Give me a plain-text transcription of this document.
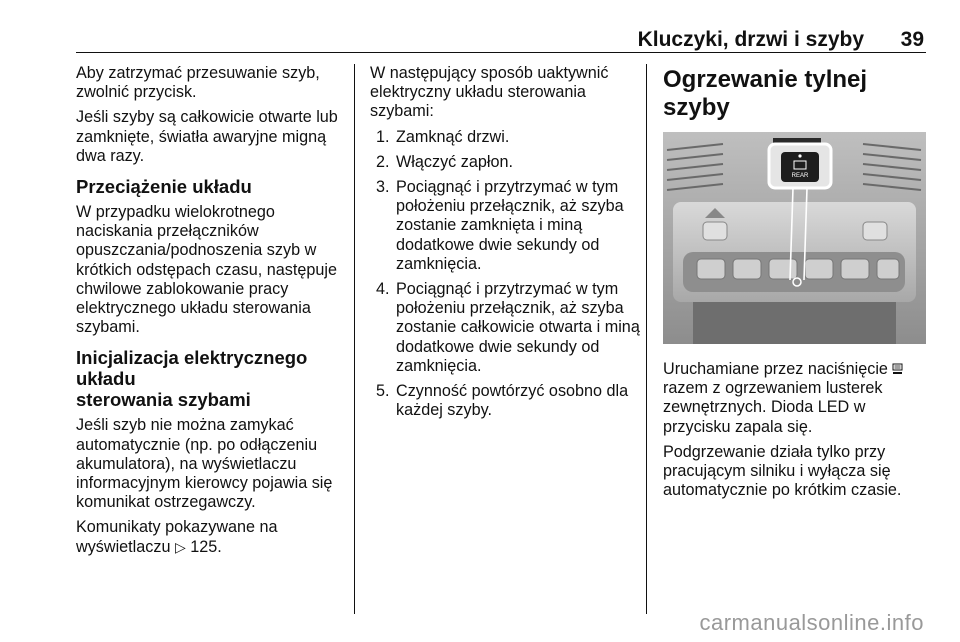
Kluczyki, drzwi i szyby 39

Aby zatrzymać przesuwanie szyb,
zwolnić przycisk.

Jeśli szyby są całkowicie otwarte lub
zamknięte, światła awaryjne migną
dwa razy.

Przeciążenie układu

W przypadku wielokrotnego
naciskania przełączników
opuszczania/podnoszenia szyb w
krótkich odstępach czasu, następuje
chwilowe zablokowanie pracy
elektrycznego układu sterowania
szybami.

Inicjalizacja elektrycznego układu
sterowania szybami

Jeśli szyb nie można zamykać
automatycznie (np. po odłączeniu
akumulatora), na wyświetlaczu
informacyjnym kierowcy pojawia się
komunikat ostrzegawczy.

Komunikaty pokazywane na
wyświetlaczu ▷ 125.

W następujący sposób uaktywnić
elektryczny układu sterowania
szybami:

1. Zamknąć drzwi.
2. Włączyć zapłon.
3. Pociągnąć i przytrzymać w tym
położeniu przełącznik, aż szyba
zostanie zamknięta i miną
dodatkowe dwie sekundy od
zamknięcia.
4. Pociągnąć i przytrzymać w tym
położeniu przełącznik, aż szyba
zostanie całkowicie otwarta i miną
dodatkowe dwie sekundy od
zamknięcia.
5. Czynność powtórzyć osobno dla
każdej szyby.
Ogrzewanie tylnej szyby
REAR

Uruchamiane przez naciśnięcie
razem z ogrzewaniem lusterek
zewnętrznych. Dioda LED w
przycisku zapala się.

Podgrzewanie działa tylko przy
pracującym silniku i wyłącza się
automatycznie po krótkim czasie.

carmanualsonline.info
